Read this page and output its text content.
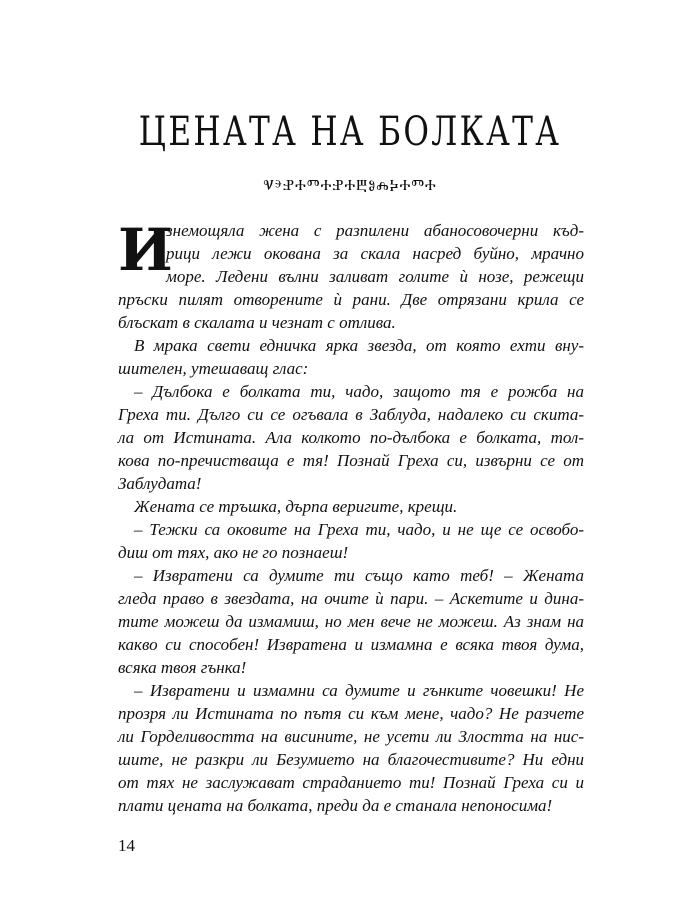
ЦЕНАТА НА БОЛКАТА
ⰜⰵⰐⰀⰕⰀⰐⰀⰁⰑⰎⰍⰀⰕⰀ
И
знемощяла жена с разпилени абаносовочерни къд-
рици лежи окована за скала насред буйно, мрачно
море. Ледени вълни заливат голите ѝ нозе, режещи
пръски пилят отворените ѝ рани. Две отрязани крила се
блъскат в скалата и чезнат с отлива.
В мрака свети едничка ярка звезда, от която ехти вну-
шителен, утешаващ глас:
– Дълбока е болката ти, чадо, защото тя е рожба на
Греха ти. Дълго си се огъвала в Заблуда, надалеко си скита-
ла от Истината. Ала колкото по-дълбока е болката, тол-
кова по-пречистваща е тя! Познай Греха си, извърни се от
Заблудата!
Жената се тръшка, дърпа веригите, крещи.
– Тежки са оковите на Греха ти, чадо, и не ще се освобо-
диш от тях, ако не го познаеш!
– Извратени са думите ти също като теб! – Жената
гледа право в звездата, на очите ѝ пари. – Аскетите и дина-
тите можеш да измамиш, но мен вече не можеш. Аз знам на
какво си способен! Извратена и измамна е всяка твоя дума,
всяка твоя гънка!
– Извратени и измамни са думите и гънките човешки! Не
прозря ли Истината по пътя си към мене, чадо? Не разчете
ли Горделивостта на висините, не усети ли Злостта на нис-
шите, не разкри ли Безумието на благочестивите? Ни едни
от тях не заслужават страданието ти! Познай Греха си и
плати цената на болката, преди да е станала непоносима!
14
